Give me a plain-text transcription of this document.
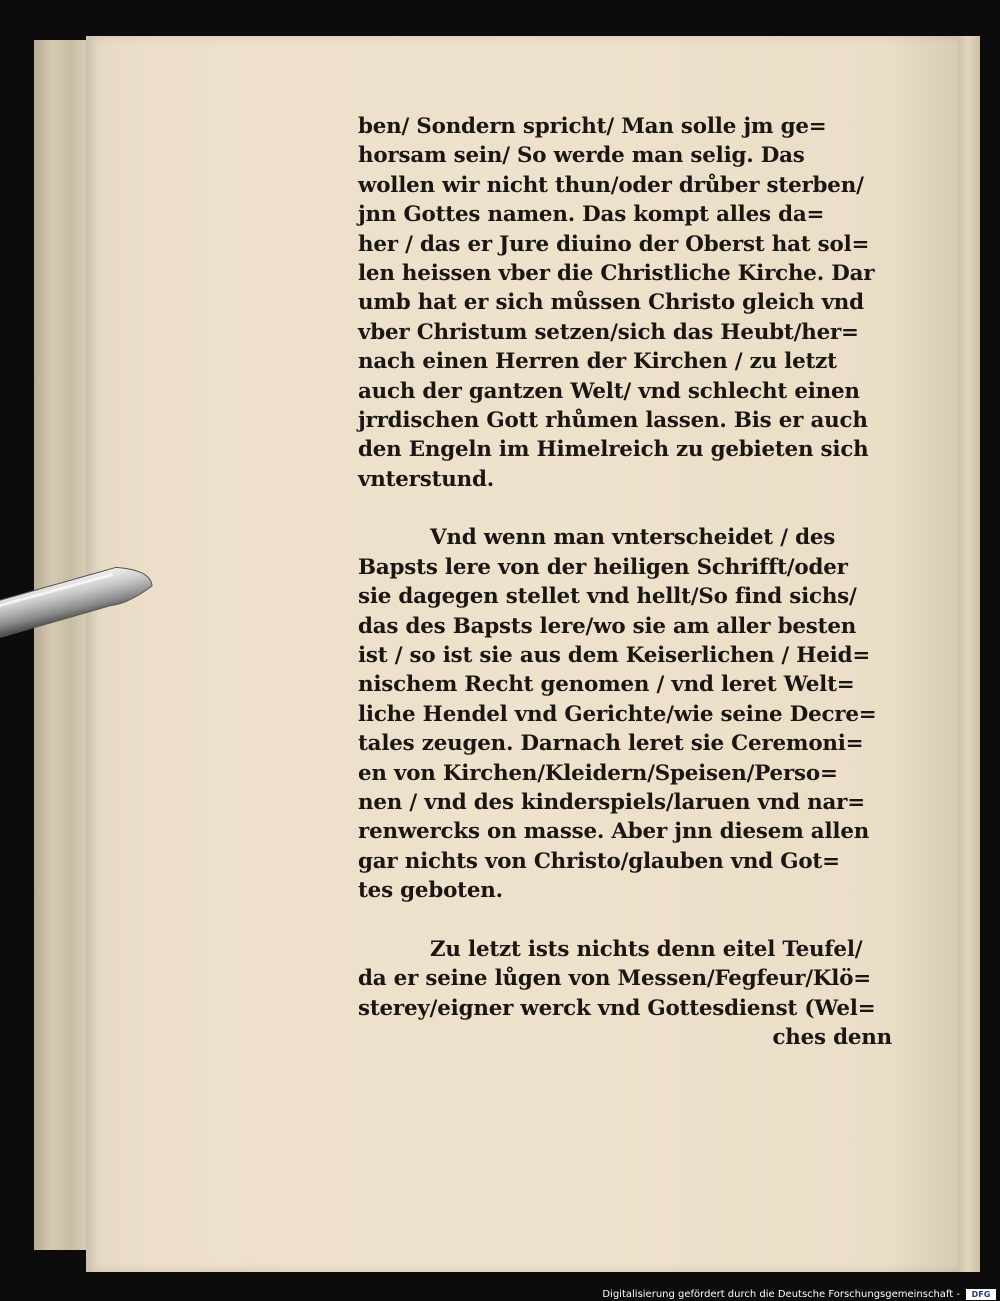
ben/ Sondern spricht/ Man solle jm ge=
horsam sein/ So werde man selig. Das
wollen wir nicht thun/oder drůber sterben/
jnn Gottes namen. Das kompt alles da=
her / das er Jure diuino der Oberst hat sol=
len heissen vber die Christliche Kirche. Dar
umb hat er sich můssen Christo gleich vnd
vber Christum setzen/sich das Heubt/her=
nach einen Herren der Kirchen / zu letzt
auch der gantzen Welt/ vnd schlecht einen
jrrdischen Gott rhůmen lassen. Bis er auch
den Engeln im Himelreich zu gebieten sich
vnterstund.
Vnd wenn man vnterscheidet / des
Bapsts lere von der heiligen Schrifft/oder
sie dagegen stellet vnd hellt/So find sichs/
das des Bapsts lere/wo sie am aller besten
ist / so ist sie aus dem Keiserlichen / Heid=
nischem Recht genomen / vnd leret Welt=
liche Hendel vnd Gerichte/wie seine Decre=
tales zeugen. Darnach leret sie Ceremoni=
en von Kirchen/Kleidern/Speisen/Perso=
nen / vnd des kinderspiels/laruen vnd nar=
renwercks on masse. Aber jnn diesem allen
gar nichts von Christo/glauben vnd Got=
tes geboten.
Zu letzt ists nichts denn eitel Teufel/
da er seine lůgen von Messen/Fegfeur/Klö=
sterey/eigner werck vnd Gottesdienst (Wel=
ches denn
Digitalisierung gefördert durch die Deutsche Forschungsgemeinschaft -	DFG
